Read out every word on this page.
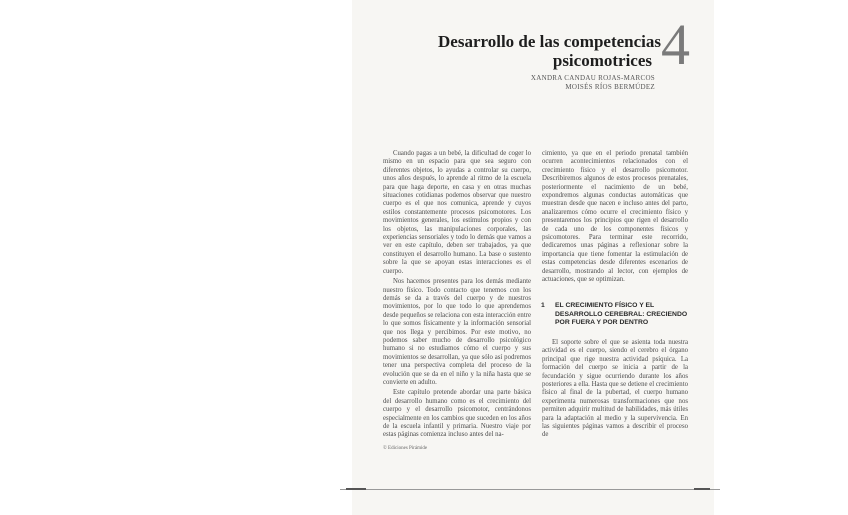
Desarrollo de las competencias
psicomotrices 4
XANDRA CANDAU ROJAS-MARCOS
MOISÉS RÍOS BERMÚDEZ

Cuando pagas a un bebé, la dificultad de coger lo mismo en un espacio para que sea seguro con diferentes objetos, lo ayudas a controlar su cuerpo, unos años después, lo aprende al ritmo de la escuela para que haga deporte, en casa y en otras muchas situaciones cotidianas podemos observar que nuestro cuerpo es el que nos comunica, aprende y cuyos estilos constantemente procesos psicomotores. Los movimientos generales, los estímulos propios y con los objetos, las manipulaciones corporales, las experiencias sensoriales y todo lo demás que vamos a ver en este capítulo, deben ser trabajados, ya que constituyen el desarrollo humano. La base o sustento sobre la que se apoyan estas interacciones es el cuerpo.

Nos hacemos presentes para los demás mediante nuestro físico. Todo contacto que tenemos con los demás se da a través del cuerpo y de nuestros movimientos, por lo que todo lo que aprendemos desde pequeños se relaciona con esta interacción entre lo que somos físicamente y la información sensorial que nos llega y percibimos. Por este motivo, no podemos saber mucho de desarrollo psicológico humano si no estudiamos cómo el cuerpo y sus movimientos se desarrollan, ya que sólo así podremos tener una perspectiva completa del proceso de la evolución que se da en el niño y la niña hasta que se convierte en adulto.

Este capítulo pretende abordar una parte básica del desarrollo humano como es el crecimiento del cuerpo y el desarrollo psicomotor, centrándonos especialmente en los cambios que suceden en los años de la escuela infantil y primaria. Nuestro viaje por estas páginas comienza incluso antes del na-

cimiento, ya que en el periodo prenatal también ocurren acontecimientos relacionados con el crecimiento físico y el desarrollo psicomotor. Describiremos algunos de estos procesos prenatales, posteriormente el nacimiento de un bebé, expondremos algunas conductas automáticas que muestran desde que nacen e incluso antes del parto, analizaremos cómo ocurre el crecimiento físico y presentaremos los principios que rigen el desarrollo de cada uno de los componentes físicos y psicomotores. Para terminar este recorrido, dedicaremos unas páginas a reflexionar sobre la importancia que tiene fomentar la estimulación de estas competencias desde diferentes escenarios de desarrollo, mostrando al lector, con ejemplos de actuaciones, que se optimizan.

1 EL CRECIMIENTO FÍSICO Y EL DESARROLLO CEREBRAL: CRECIENDO POR FUERA Y POR DENTRO

El soporte sobre el que se asienta toda nuestra actividad es el cuerpo, siendo el cerebro el órgano principal que rige nuestra actividad psíquica. La formación del cuerpo se inicia a partir de la fecundación y sigue ocurriendo durante los años posteriores a ella. Hasta que se detiene el crecimiento físico al final de la pubertad, el cuerpo humano experimenta numerosas transformaciones que nos permiten adquirir multitud de habilidades, más útiles para la adaptación al medio y la supervivencia. En las siguientes páginas vamos a describir el proceso de

© Ediciones Pirámide
